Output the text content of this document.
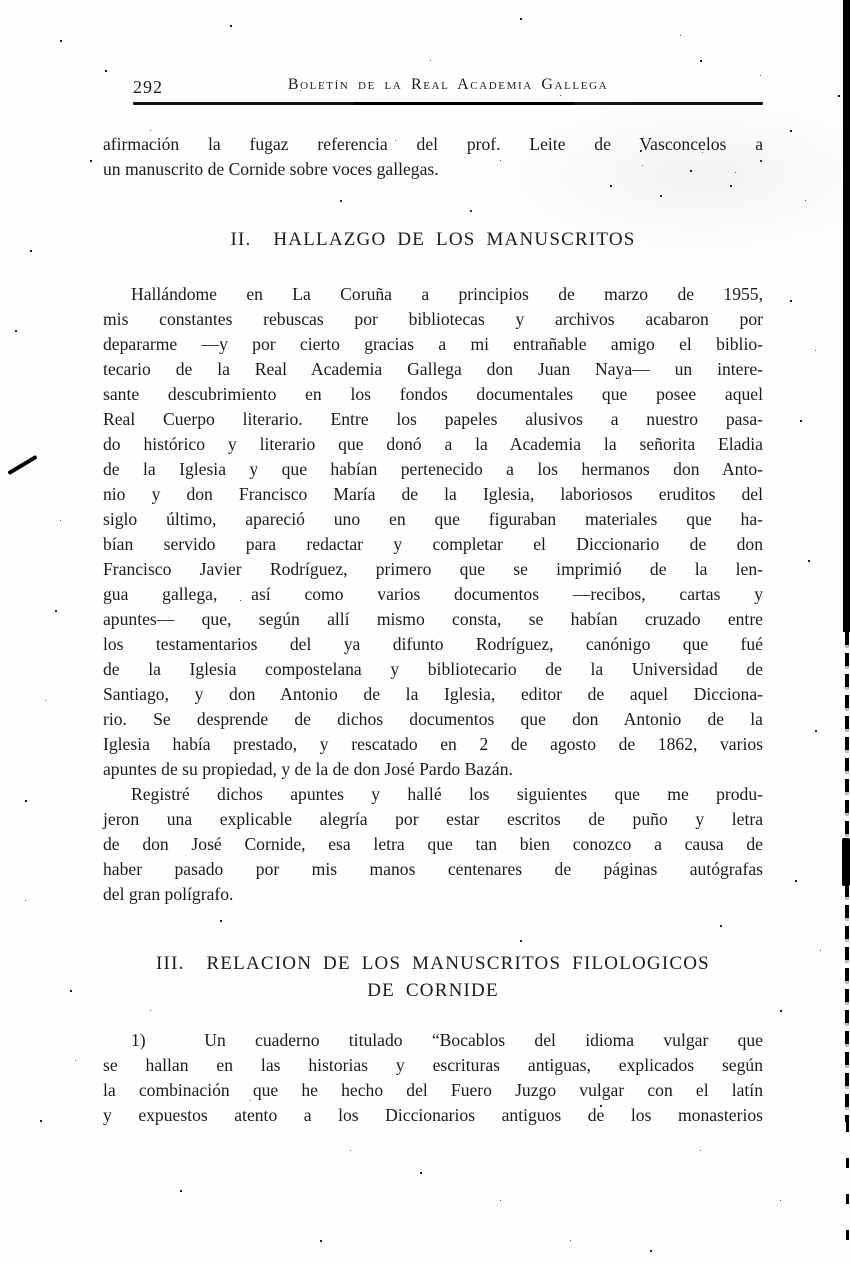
292	Boletín de la Real Academia Gallega
afirmación la fugaz referencia del prof. Leite de Vasconcelos a
un manuscrito de Cornide sobre voces gallegas.
II.  HALLAZGO DE LOS MANUSCRITOS
Hallándome en La Coruña a principios de marzo de 1955,
mis constantes rebuscas por bibliotecas y archivos acabaron por
depararme —y por cierto gracias a mi entrañable amigo el biblio-
tecario de la Real Academia Gallega don Juan Naya— un intere-
sante descubrimiento en los fondos documentales que posee aquel
Real Cuerpo literario. Entre los papeles alusivos a nuestro pasa-
do histórico y literario que donó a la Academia la señorita Eladia
de la Iglesia y que habían pertenecido a los hermanos don Anto-
nio y don Francisco María de la Iglesia, laboriosos eruditos del
siglo último, apareció uno en que figuraban materiales que ha-
bían servido para redactar y completar el Diccionario de don
Francisco Javier Rodríguez, primero que se imprimió de la len-
gua gallega, así como varios documentos —recibos, cartas y
apuntes— que, según allí mismo consta, se habían cruzado entre
los testamentarios del ya difunto Rodríguez, canónigo que fué
de la Iglesia compostelana y bibliotecario de la Universidad de
Santiago, y don Antonio de la Iglesia, editor de aquel Dicciona-
rio. Se desprende de dichos documentos que don Antonio de la
Iglesia había prestado, y rescatado en 2 de agosto de 1862, varios
apuntes de su propiedad, y de la de don José Pardo Bazán.
Registré dichos apuntes y hallé los siguientes que me produ-
jeron una explicable alegría por estar escritos de puño y letra
de don José Cornide, esa letra que tan bien conozco a causa de
haber pasado por mis manos centenares de páginas autógrafas
del gran polígrafo.
III.  RELACION DE LOS MANUSCRITOS FILOLOGICOS
DE CORNIDE
1)  Un cuaderno titulado “Bocablos del idioma vulgar que
se hallan en las historias y escrituras antiguas, explicados según
la combinación que he hecho del Fuero Juzgo vulgar con el latín
y expuestos atento a los Diccionarios antiguos de los monasterios
